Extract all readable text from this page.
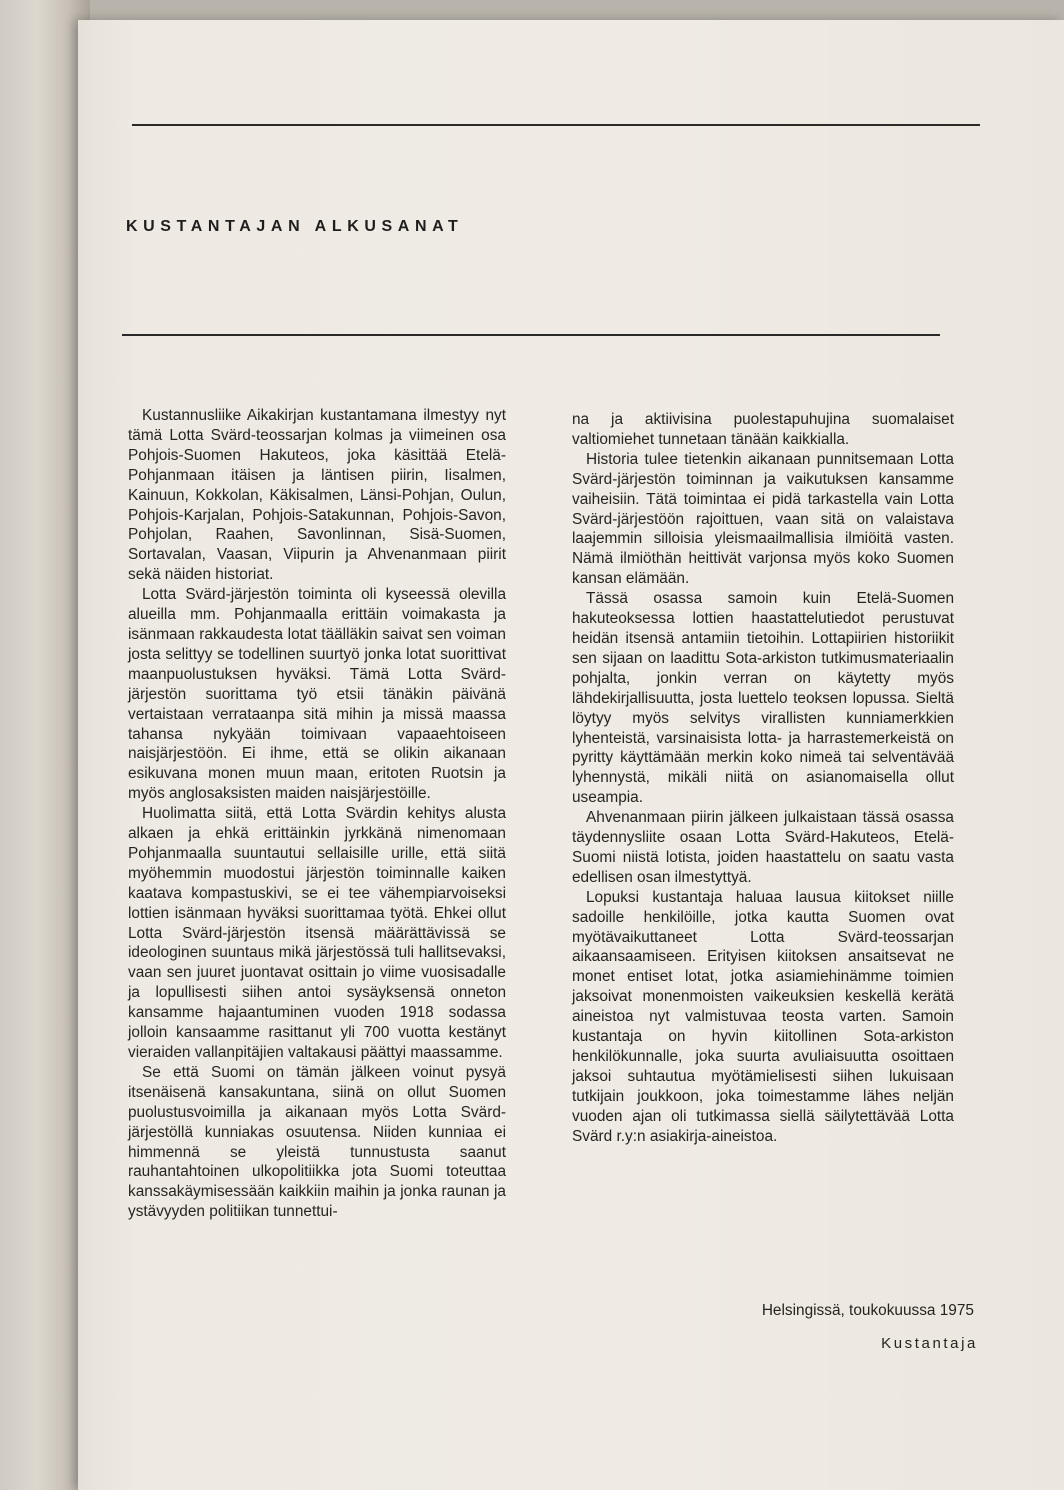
KUSTANTAJAN ALKUSANAT

Kustannusliike Aikakirjan kustantamana ilmestyy nyt tämä Lotta Svärd-teossarjan kolmas ja viimeinen osa Pohjois-Suomen Hakuteos, joka käsittää Etelä-Pohjanmaan itäisen ja läntisen piirin, Iisalmen, Kainuun, Kokkolan, Käkisalmen, Länsi-Pohjan, Oulun, Pohjois-Karjalan, Pohjois-Satakunnan, Pohjois-Savon, Pohjolan, Raahen, Savonlinnan, Sisä-Suomen, Sortavalan, Vaasan, Viipurin ja Ahvenanmaan piirit sekä näiden historiat.

Lotta Svärd-järjestön toiminta oli kyseessä olevilla alueilla mm. Pohjanmaalla erittäin voimakasta ja isänmaan rakkaudesta lotat täälläkin saivat sen voiman josta selittyy se todellinen suurtyö jonka lotat suorittivat maanpuolustuksen hyväksi. Tämä Lotta Svärd-järjestön suorittama työ etsii tänäkin päivänä vertaistaan verrataanpa sitä mihin ja missä maassa tahansa nykyään toimivaan vapaaehtoiseen naisjärjestöön. Ei ihme, että se olikin aikanaan esikuvana monen muun maan, eritoten Ruotsin ja myös anglosaksisten maiden naisjärjestöille.

Huolimatta siitä, että Lotta Svärdin kehitys alusta alkaen ja ehkä erittäinkin jyrkkänä nimenomaan Pohjanmaalla suuntautui sellaisille urille, että siitä myöhemmin muodostui järjestön toiminnalle kaiken kaatava kompastuskivi, se ei tee vähempiarvoiseksi lottien isänmaan hyväksi suorittamaa työtä. Ehkei ollut Lotta Svärd-järjestön itsensä määrättävissä se ideologinen suuntaus mikä järjestössä tuli hallitsevaksi, vaan sen juuret juontavat osittain jo viime vuosisadalle ja lopullisesti siihen antoi sysäyksensä onneton kansamme hajaantuminen vuoden 1918 sodassa jolloin kansaamme rasittanut yli 700 vuotta kestänyt vieraiden vallanpitäjien valtakausi päättyi maassamme.

Se että Suomi on tämän jälkeen voinut pysyä itsenäisenä kansakuntana, siinä on ollut Suomen puolustusvoimilla ja aikanaan myös Lotta Svärd-järjestöllä kunniakas osuutensa. Niiden kunniaa ei himmennä se yleistä tunnustusta saanut rauhantahtoinen ulkopolitiikka jota Suomi toteuttaa kanssakäymisessään kaikkiin maihin ja jonka raunan ja ystävyyden politiikan tunnettui-

na ja aktiivisina puolestapuhujina suomalaiset valtiomiehet tunnetaan tänään kaikkialla.

Historia tulee tietenkin aikanaan punnitsemaan Lotta Svärd-järjestön toiminnan ja vaikutuksen kansamme vaiheisiin. Tätä toimintaa ei pidä tarkastella vain Lotta Svärd-järjestöön rajoittuen, vaan sitä on valaistava laajemmin silloisia yleismaailmallisia ilmiöitä vasten. Nämä ilmiöthän heittivät varjonsa myös koko Suomen kansan elämään.

Tässä osassa samoin kuin Etelä-Suomen hakuteoksessa lottien haastattelutiedot perustuvat heidän itsensä antamiin tietoihin. Lottapiirien historiikit sen sijaan on laadittu Sota-arkiston tutkimusmateriaalin pohjalta, jonkin verran on käytetty myös lähdekirjallisuutta, josta luettelo teoksen lopussa. Sieltä löytyy myös selvitys virallisten kunniamerkkien lyhenteistä, varsinaisista lotta- ja harrastemerkeistä on pyritty käyttämään merkin koko nimeä tai selventävää lyhennystä, mikäli niitä on asianomaisella ollut useampia.

Ahvenanmaan piirin jälkeen julkaistaan tässä osassa täydennysliite osaan Lotta Svärd-Hakuteos, Etelä-Suomi niistä lotista, joiden haastattelu on saatu vasta edellisen osan ilmestyttyä.

Lopuksi kustantaja haluaa lausua kiitokset niille sadoille henkilöille, jotka kautta Suomen ovat myötävaikuttaneet Lotta Svärd-teossarjan aikaansaamiseen. Erityisen kiitoksen ansaitsevat ne monet entiset lotat, jotka asiamiehinämme toimien jaksoivat monenmoisten vaikeuksien keskellä kerätä aineistoa nyt valmistuvaa teosta varten. Samoin kustantaja on hyvin kiitollinen Sota-arkiston henkilökunnalle, joka suurta avuliaisuutta osoittaen jaksoi suhtautua myötämielisesti siihen lukuisaan tutkijain joukkoon, joka toimestamme lähes neljän vuoden ajan oli tutkimassa siellä säilytettävää Lotta Svärd r.y:n asiakirja-aineistoa.

Helsingissä, toukokuussa 1975
Kustantaja
